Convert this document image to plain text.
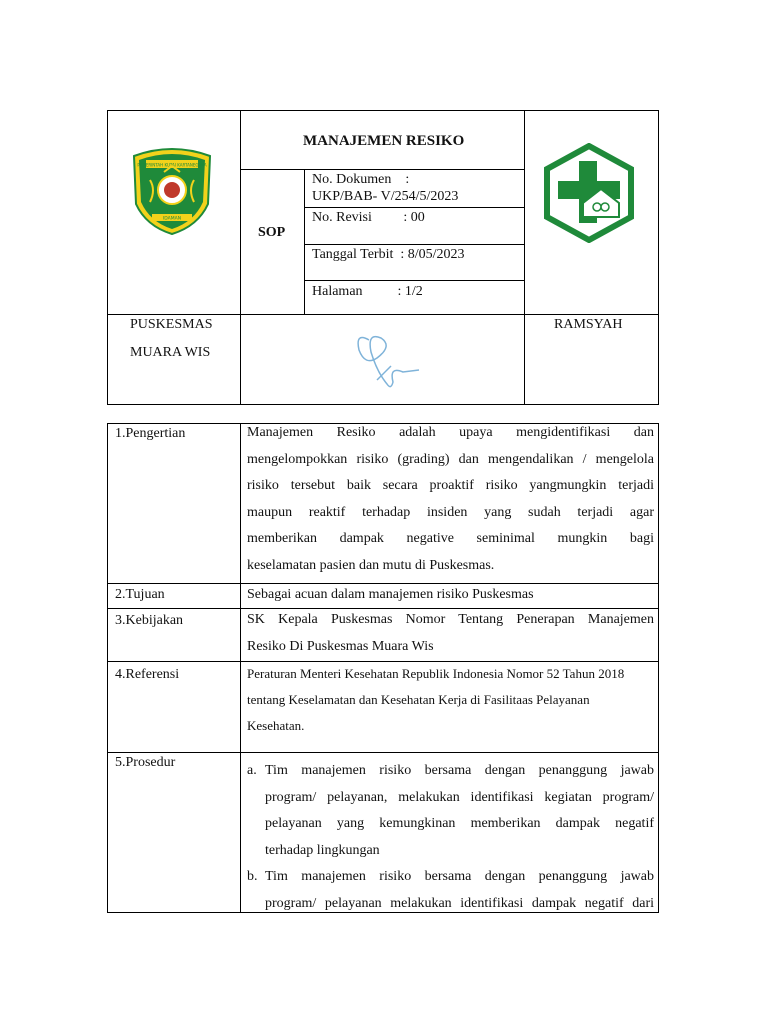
PEMERINTAH KUTAI KARTANEGARA
IDAMAN
MANAJEMEN RESIKO
SOP
No. Dokumen :
UKP/BAB- V/254/5/2023
No. Revisi         : 00
Tanggal Terbit  : 8/05/2023
Halaman          : 1/2
PUSKESMAS
MUARA WIS
RAMSYAH
1.Pengertian	Manajemen Resiko adalah upaya mengidentifikasi dan
mengelompokkan risiko (grading) dan mengendalikan / mengelola
risiko tersebut baik secara proaktif risiko yangmungkin terjadi
maupun reaktif terhadap insiden yang sudah terjadi agar
memberikan dampak negative seminimal mungkin bagi
keselamatan pasien dan mutu di Puskesmas.
2.Tujuan	Sebagai acuan dalam manajemen risiko Puskesmas
3.Kebijakan	SK Kepala Puskesmas Nomor Tentang Penerapan Manajemen
Resiko Di Puskesmas Muara Wis
4.Referensi	Peraturan Menteri Kesehatan Republik Indonesia Nomor 52 Tahun 2018
tentang Keselamatan dan Kesehatan Kerja di Fasilitaas Pelayanan
Kesehatan.
5.Prosedur
a. Tim manajemen risiko bersama dengan penanggung jawab
program/ pelayanan, melakukan identifikasi kegiatan program/
pelayanan yang kemungkinan memberikan dampak negatif
terhadap lingkungan
b. Tim manajemen risiko bersama dengan penanggung jawab
program/ pelayanan melakukan identifikasi dampak negatif dari
